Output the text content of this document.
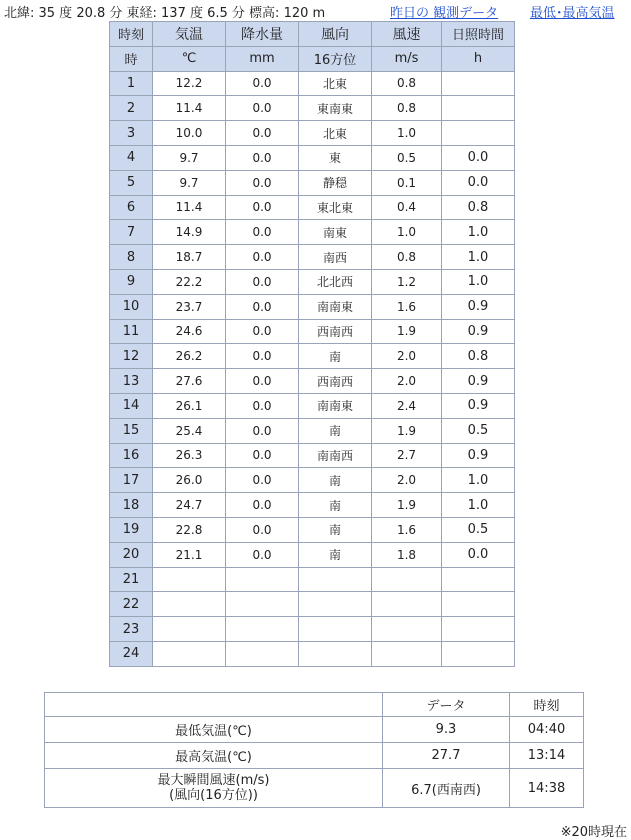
北緯: 35 度 20.8 分 東経: 137 度 6.5 分 標高: 120 m	昨日の 観測データ 最低･最高気温
時刻	気温	降水量	風向	風速	日照時間
時	℃	mm	16方位	m/s	h
1	12.2	0.0	北東	0.8	
2	11.4	0.0	東南東	0.8	
3	10.0	0.0	北東	1.0	
4	9.7	0.0	東	0.5	0.0
5	9.7	0.0	静穏	0.1	0.0
6	11.4	0.0	東北東	0.4	0.8
7	14.9	0.0	南東	1.0	1.0
8	18.7	0.0	南西	0.8	1.0
9	22.2	0.0	北北西	1.2	1.0
10	23.7	0.0	南南東	1.6	0.9
11	24.6	0.0	西南西	1.9	0.9
12	26.2	0.0	南	2.0	0.8
13	27.6	0.0	西南西	2.0	0.9
14	26.1	0.0	南南東	2.4	0.9
15	25.4	0.0	南	1.9	0.5
16	26.3	0.0	南南西	2.7	0.9
17	26.0	0.0	南	2.0	1.0
18	24.7	0.0	南	1.9	1.0
19	22.8	0.0	南	1.6	0.5
20	21.1	0.0	南	1.8	0.0
21					
22					
23					
24					
	データ	時刻
最低気温(℃)	9.3	04:40
最高気温(℃)	27.7	13:14

最大瞬間風速(m/s)
(風向(16方位))	6.7(西南西)	14:38
※20時現在
